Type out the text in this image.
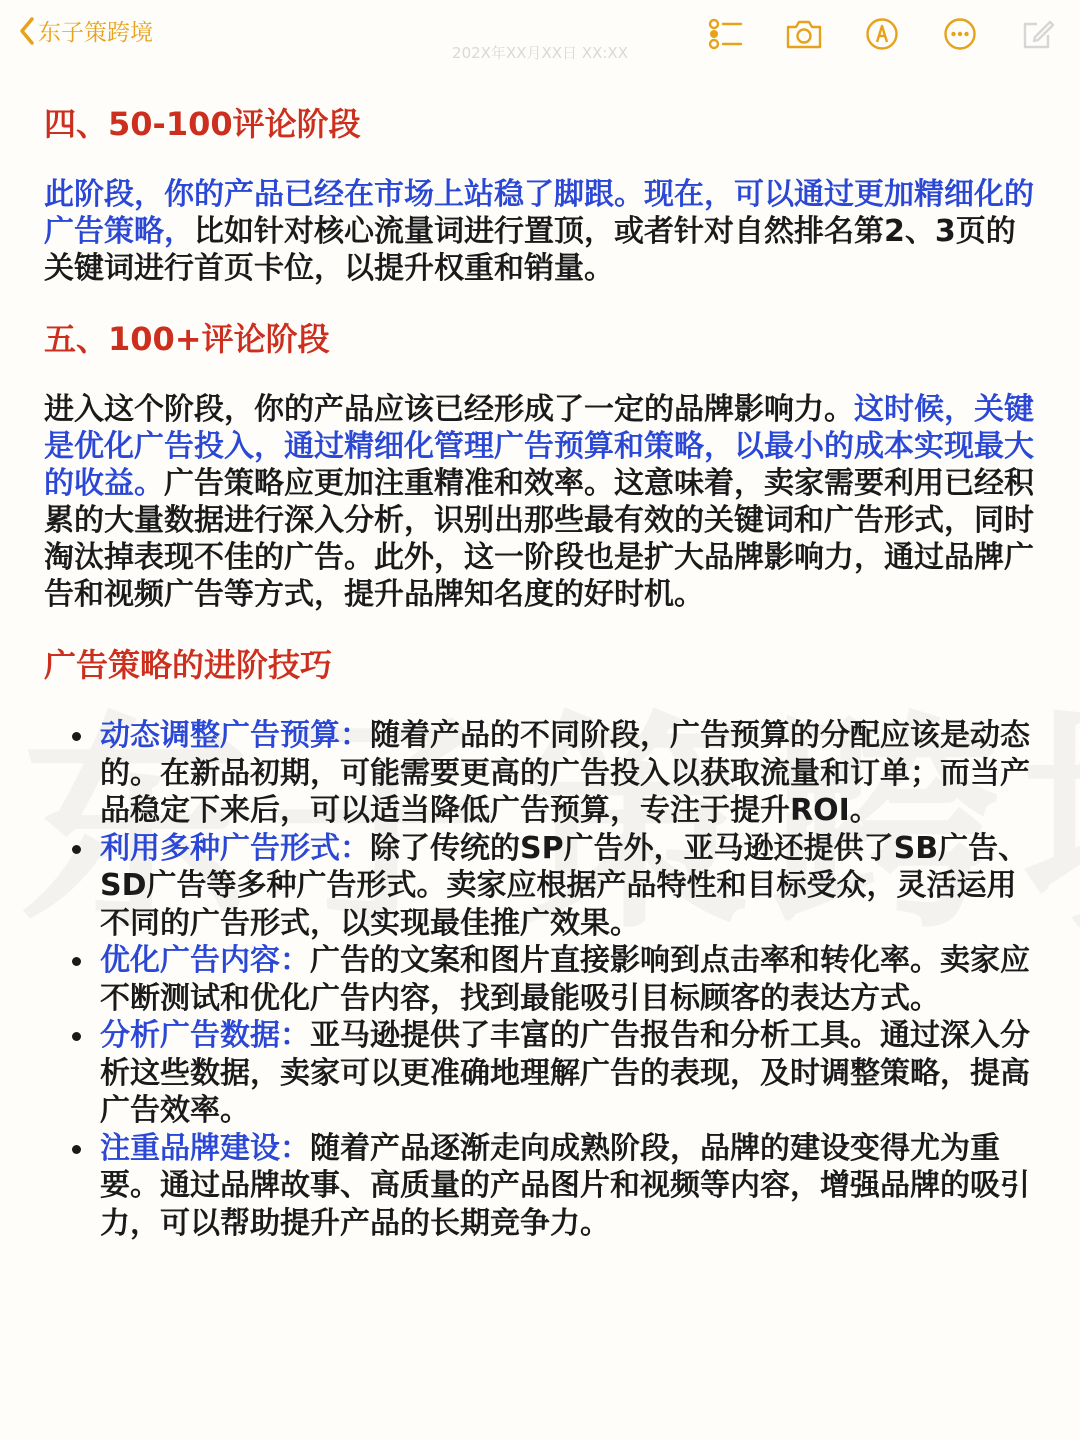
东子策跨境
202X年XX月XX日 XX:XX
四、50-100评论阶段

此阶段，你的产品已经在市场上站稳了脚跟。现在，可以通过更加精细化的广告策略，比如针对核心流量词进行置顶，或者针对自然排名第2、3页的关键词进行首页卡位，以提升权重和销量。

五、100+评论阶段

进入这个阶段，你的产品应该已经形成了一定的品牌影响力。这时候，关键是优化广告投入，通过精细化管理广告预算和策略，以最小的成本实现最大的收益。广告策略应更加注重精准和效率。这意味着，卖家需要利用已经积累的大量数据进行深入分析，识别出那些最有效的关键词和广告形式，同时淘汰掉表现不佳的广告。此外，这一阶段也是扩大品牌影响力，通过品牌广告和视频广告等方式，提升品牌知名度的好时机。

广告策略的进阶技巧
动态调整广告预算：随着产品的不同阶段，广告预算的分配应该是动态的。在新品初期，可能需要更高的广告投入以获取流量和订单；而当产品稳定下来后，可以适当降低广告预算，专注于提升ROI。
利用多种广告形式：除了传统的SP广告外，亚马逊还提供了SB广告、SD广告等多种广告形式。卖家应根据产品特性和目标受众，灵活运用不同的广告形式，以实现最佳推广效果。
优化广告内容：广告的文案和图片直接影响到点击率和转化率。卖家应不断测试和优化广告内容，找到最能吸引目标顾客的表达方式。
分析广告数据：亚马逊提供了丰富的广告报告和分析工具。通过深入分析这些数据，卖家可以更准确地理解广告的表现，及时调整策略，提高广告效率。
注重品牌建设：随着产品逐渐走向成熟阶段，品牌的建设变得尤为重要。通过品牌故事、高质量的产品图片和视频等内容，增强品牌的吸引力，可以帮助提升产品的长期竞争力。
